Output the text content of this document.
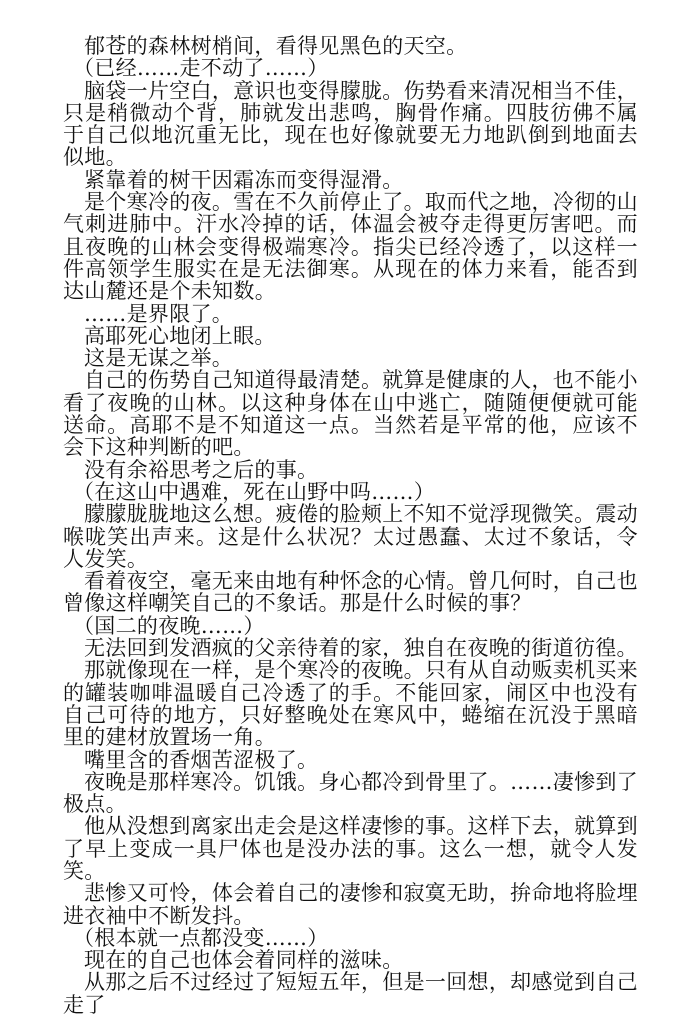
郁苍的森林树梢间，看得见黑色的天空。

（已经……走不动了……）

脑袋一片空白，意识也变得朦胧。伤势看来清况相当不佳，只是稍微动个背，肺就发出悲鸣，胸骨作痛。四肢彷佛不属于自己似地沉重无比，现在也好像就要无力地趴倒到地面去似地。

紧靠着的树干因霜冻而变得湿滑。

是个寒冷的夜。雪在不久前停止了。取而代之地，冷彻的山气刺进肺中。汗水冷掉的话，体温会被夺走得更厉害吧。而且夜晚的山林会变得极端寒冷。指尖已经冷透了，以这样一件高领学生服实在是无法御寒。从现在的体力来看，能否到达山麓还是个未知数。

……是界限了。

高耶死心地闭上眼。

这是无谋之举。

自己的伤势自己知道得最清楚。就算是健康的人，也不能小看了夜晚的山林。以这种身体在山中逃亡，随随便便就可能送命。高耶不是不知道这一点。当然若是平常的他，应该不会下这种判断的吧。

没有余裕思考之后的事。

（在这山中遇难，死在山野中吗……）

朦朦胧胧地这么想。疲倦的脸颊上不知不觉浮现微笑。震动喉咙笑出声来。这是什么状况？太过愚蠢、太过不象话，令人发笑。

看着夜空，毫无来由地有种怀念的心情。曾几何时，自己也曾像这样嘲笑自己的不象话。那是什么时候的事？

（国二的夜晚……）

无法回到发酒疯的父亲待着的家，独自在夜晚的街道彷徨。

那就像现在一样，是个寒冷的夜晚。只有从自动贩卖机买来的罐装咖啡温暖自己冷透了的手。不能回家，闹区中也没有自己可待的地方，只好整晚处在寒风中，蜷缩在沉没于黑暗里的建材放置场一角。

嘴里含的香烟苦涩极了。

夜晚是那样寒冷。饥饿。身心都冷到骨里了。……凄惨到了极点。

他从没想到离家出走会是这样凄惨的事。这样下去，就算到了早上变成一具尸体也是没办法的事。这么一想，就令人发笑。

悲惨又可怜，体会着自己的凄惨和寂寞无助，拚命地将脸埋进衣袖中不断发抖。

（根本就一点都没变……）

现在的自己也体会着同样的滋味。

从那之后不过经过了短短五年，但是一回想，却感觉到自己走了
